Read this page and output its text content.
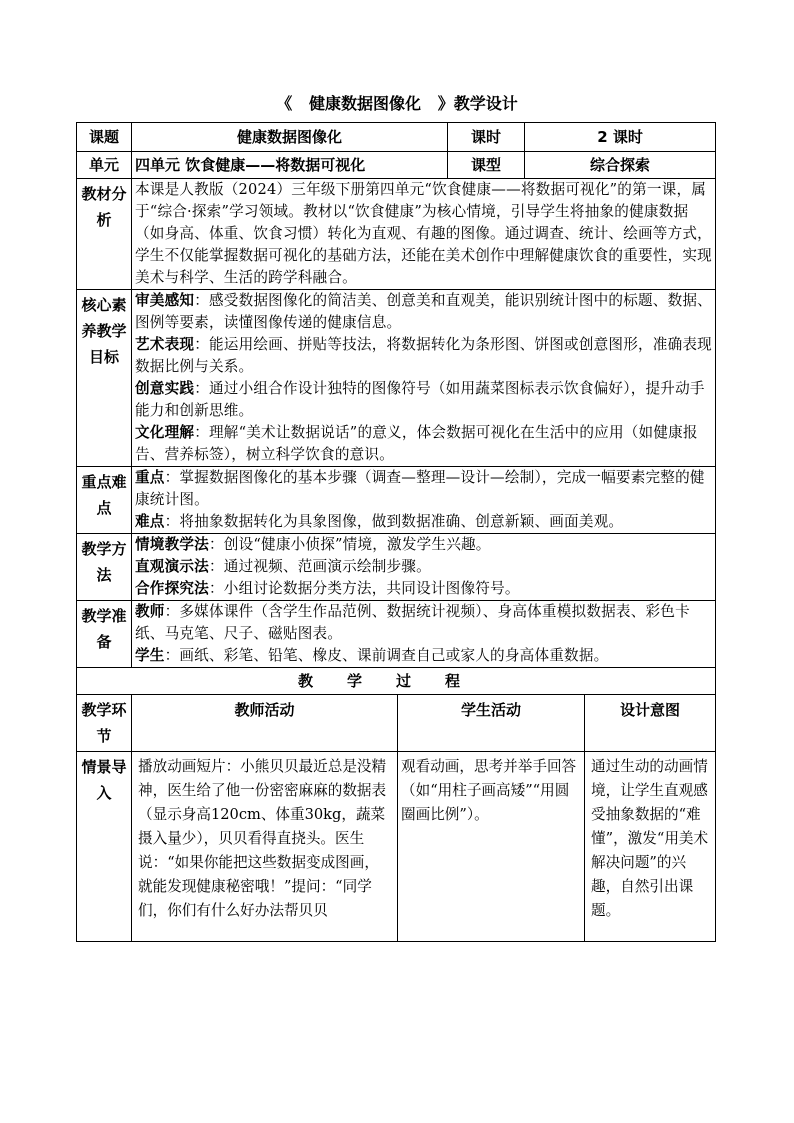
《 健康数据图像化 》教学设计
课题	健康数据图像化		课时	2 课时	
单元	四单元 饮食健康——将数据可视化		课型	综合探索	
教材分析	本课是人教版（2024）三年级下册第四单元“饮食健康——将数据可视化”的第一课，属于“综合·探索”学习领域。教材以“饮食健康”为核心情境，引导学生将抽象的健康数据（如身高、体重、饮食习惯）转化为直观、有趣的图像。通过调查、统计、绘画等方式，学生不仅能掌握数据可视化的基础方法，还能在美术创作中理解健康饮食的重要性，实现美术与科学、生活的跨学科融合。				
核心素养教学目标	审美感知：感受数据图像化的简洁美、创意美和直观美，能识别统计图中的标题、数据、图例等要素，读懂图像传递的健康信息。
艺术表现：能运用绘画、拼贴等技法，将数据转化为条形图、饼图或创意图形，准确表现数据比例与关系。
创意实践：通过小组合作设计独特的图像符号（如用蔬菜图标表示饮食偏好），提升动手能力和创新思维。
文化理解：理解“美术让数据说话”的意义，体会数据可视化在生活中的应用（如健康报告、营养标签），树立科学饮食的意识。				

重点难点	重点：掌握数据图像化的基本步骤（调查—整理—设计—绘制），完成一幅要素完整的健康统计图。
难点：将抽象数据转化为具象图像，做到数据准确、创意新颖、画面美观。				

教学方法	情境教学法：创设“健康小侦探”情境，激发学生兴趣。
直观演示法：通过视频、范画演示绘制步骤。
合作探究法：小组讨论数据分类方法，共同设计图像符号。				

教学准备	教师：多媒体课件（含学生作品范例、数据统计视频）、身高体重模拟数据表、彩色卡纸、马克笔、尺子、磁贴图表。
学生：画纸、彩笔、铅笔、橡皮、课前调查自己或家人的身高体重数据。				

教学过程					
教学环节	教师活动	学生活动			设计意图
情景导入	播放动画短片：小熊贝贝最近总是没精神，医生给了他一份密密麻麻的数据表（显示身高120cm、体重30kg，蔬菜摄入量少），贝贝看得直挠头。医生说：“如果你能把这些数据变成图画，就能发现健康秘密哦！”提问：“同学们，你们有什么好办法帮贝贝	观看动画，思考并举手回答（如“用柱子画高矮”“用圆圈画比例”）。			通过生动的动画情境，让学生直观感受抽象数据的“难懂”，激发“用美术解决问题”的兴趣，自然引出课题。
